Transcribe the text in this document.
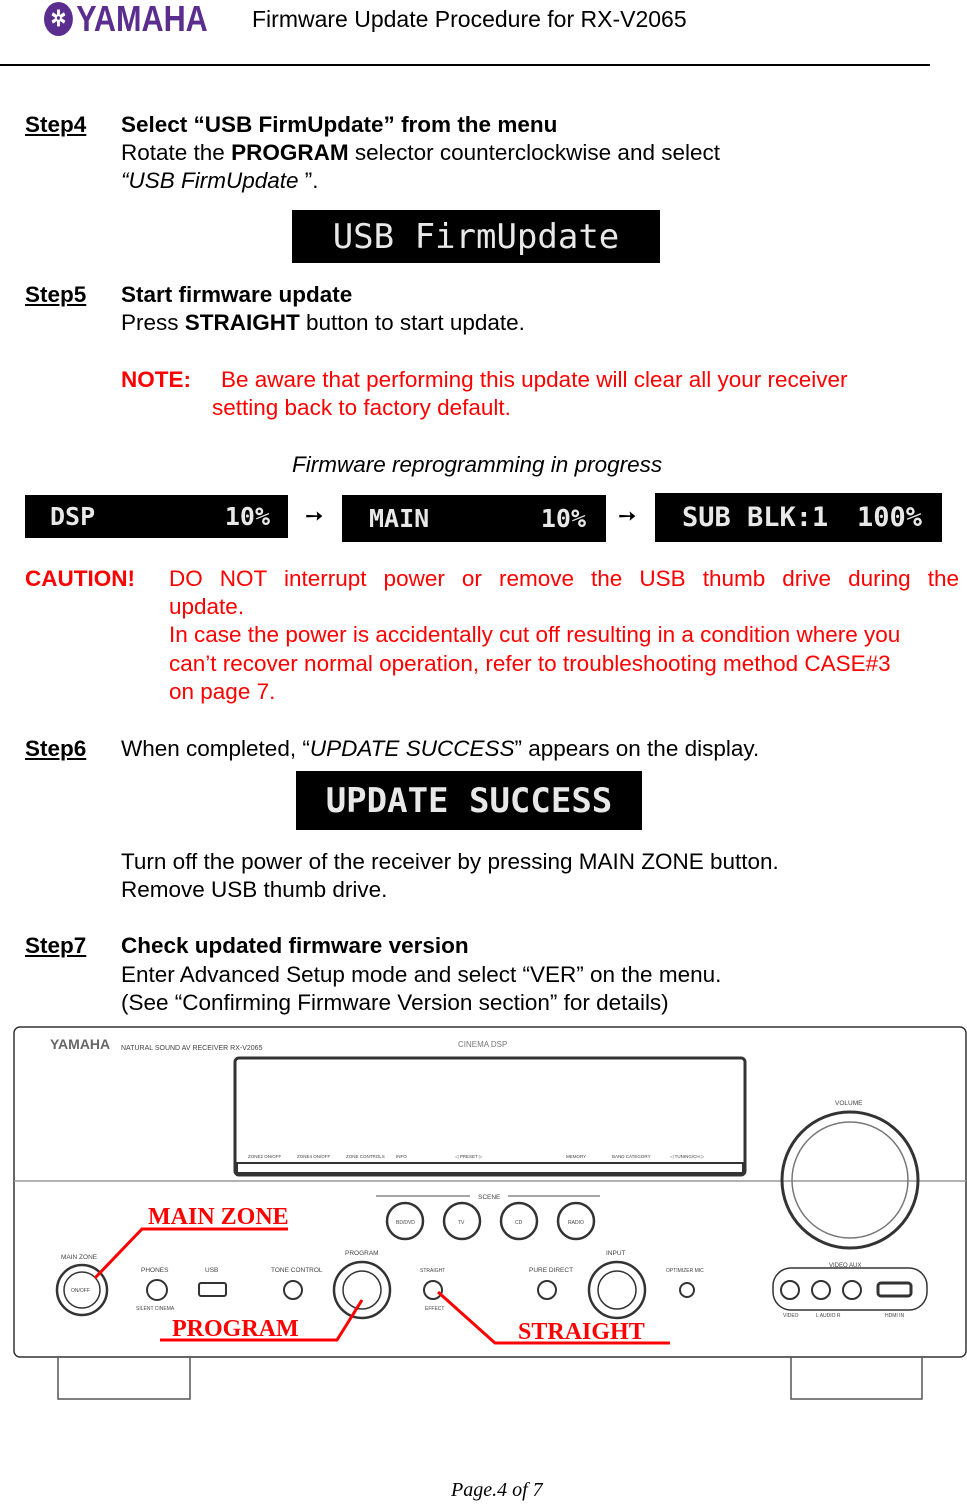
✲ YAMAHA Firmware Update Procedure for RX-V2065
Step4 Select “USB FirmUpdate” from the menu
Rotate the PROGRAM selector counterclockwise and select
“USB FirmUpdate ”.
USB FirmUpdate
Step5 Start firmware update
Press STRAIGHT button to start update.
NOTE: Be aware that performing this update will clear all your receiver
setting back to factory default.
Firmware reprogramming in progress
DSP	10% ➙ MAIN	10% ➙ SUB BLK:1 100%
CAUTION! DO NOT interrupt power or remove the USB thumb drive during the
update.
In case the power is accidentally cut off resulting in a condition where you
can’t recover normal operation, refer to troubleshooting method CASE#3
on page 7.
Step6 When completed, “UPDATE SUCCESS” appears on the display.
UPDATE SUCCESS
Turn off the power of the receiver by pressing MAIN ZONE button.
Remove USB thumb drive.
Step7 Check updated firmware version
Enter Advanced Setup mode and select “VER” on the menu.
(See “Confirming Firmware Version section” for details)
YAMAHA NATURAL SOUND AV RECEIVER RX-V2065	CINEMA DSP
VOLUME
SCENE
BD/DVD	TV	CD	RADIO
ZONE2 ON/OFF	ZONE4 ON/OFF	ZONE CONTROLS INFO	◁ PRESET ▷	MEMORY	BAND CATEGORY	◁ TUNING/CH ▷
MAIN ZONE
ON/OFF
PHONES
SILENT CINEMA
USB	TONE CONTROL
PROGRAM
STRAIGHT
EFFECT
PURE DIRECT
INPUT
OPTIMIZER MIC
VIDEO AUX
VIDEO	L AUDIO R	HDMI IN
MAIN ZONE
PROGRAM	STRAIGHT
Page.4 of 7
